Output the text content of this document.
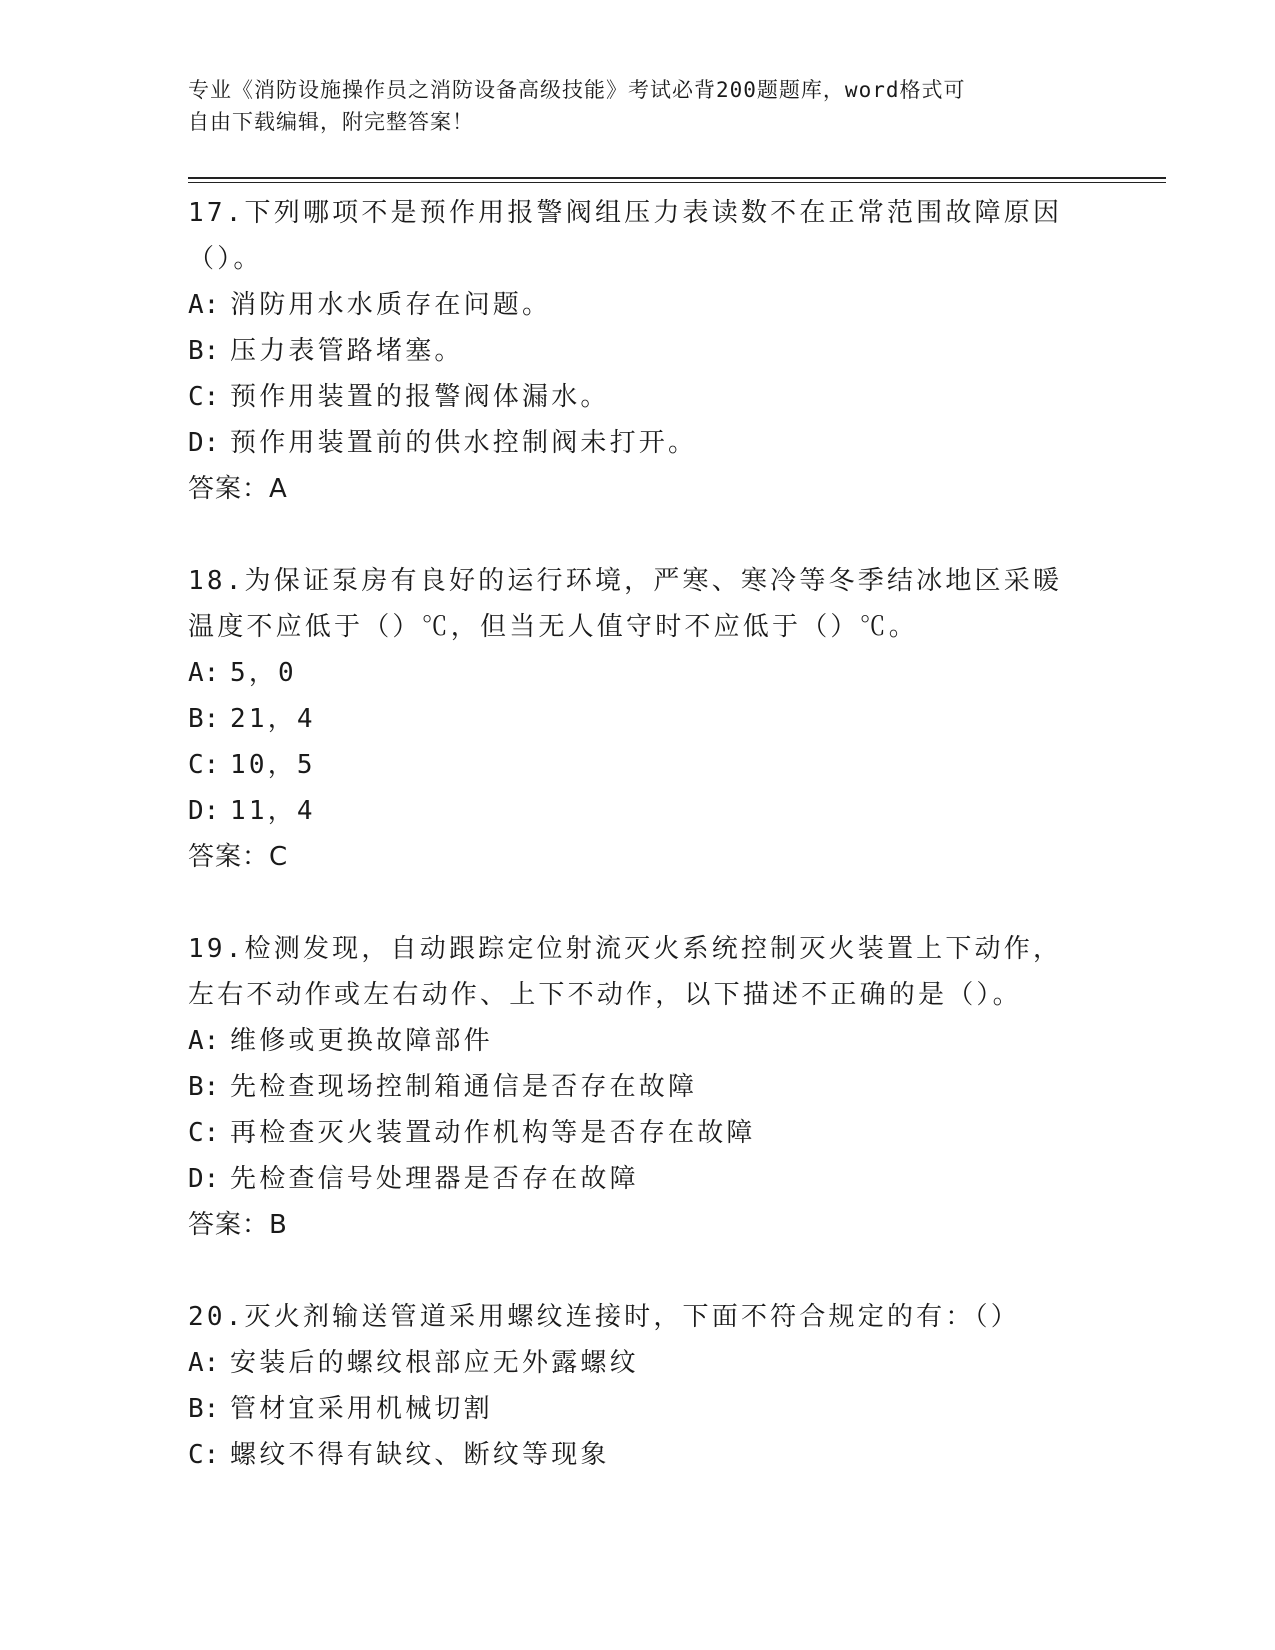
专业《消防设施操作员之消防设备高级技能》考试必背200题题库，word格式可
自由下载编辑，附完整答案！

17.下列哪项不是预作用报警阀组压力表读数不在正常范围故障原因（）。

A: 消防用水水质存在问题。

B: 压力表管路堵塞。

C: 预作用装置的报警阀体漏水。

D: 预作用装置前的供水控制阀未打开。

答案：A

18.为保证泵房有良好的运行环境，严寒、寒冷等冬季结冰地区采暖温度不应低于（）℃，但当无人值守时不应低于（）℃。

A: 5，0

B: 21，4

C: 10，5

D: 11，4

答案：C

19.检测发现，自动跟踪定位射流灭火系统控制灭火装置上下动作，左右不动作或左右动作、上下不动作，以下描述不正确的是（）。

A: 维修或更换故障部件

B: 先检查现场控制箱通信是否存在故障

C: 再检查灭火装置动作机构等是否存在故障

D: 先检查信号处理器是否存在故障

答案：B

20.灭火剂输送管道采用螺纹连接时，下面不符合规定的有：（）

A: 安装后的螺纹根部应无外露螺纹

B: 管材宜采用机械切割

C: 螺纹不得有缺纹、断纹等现象
